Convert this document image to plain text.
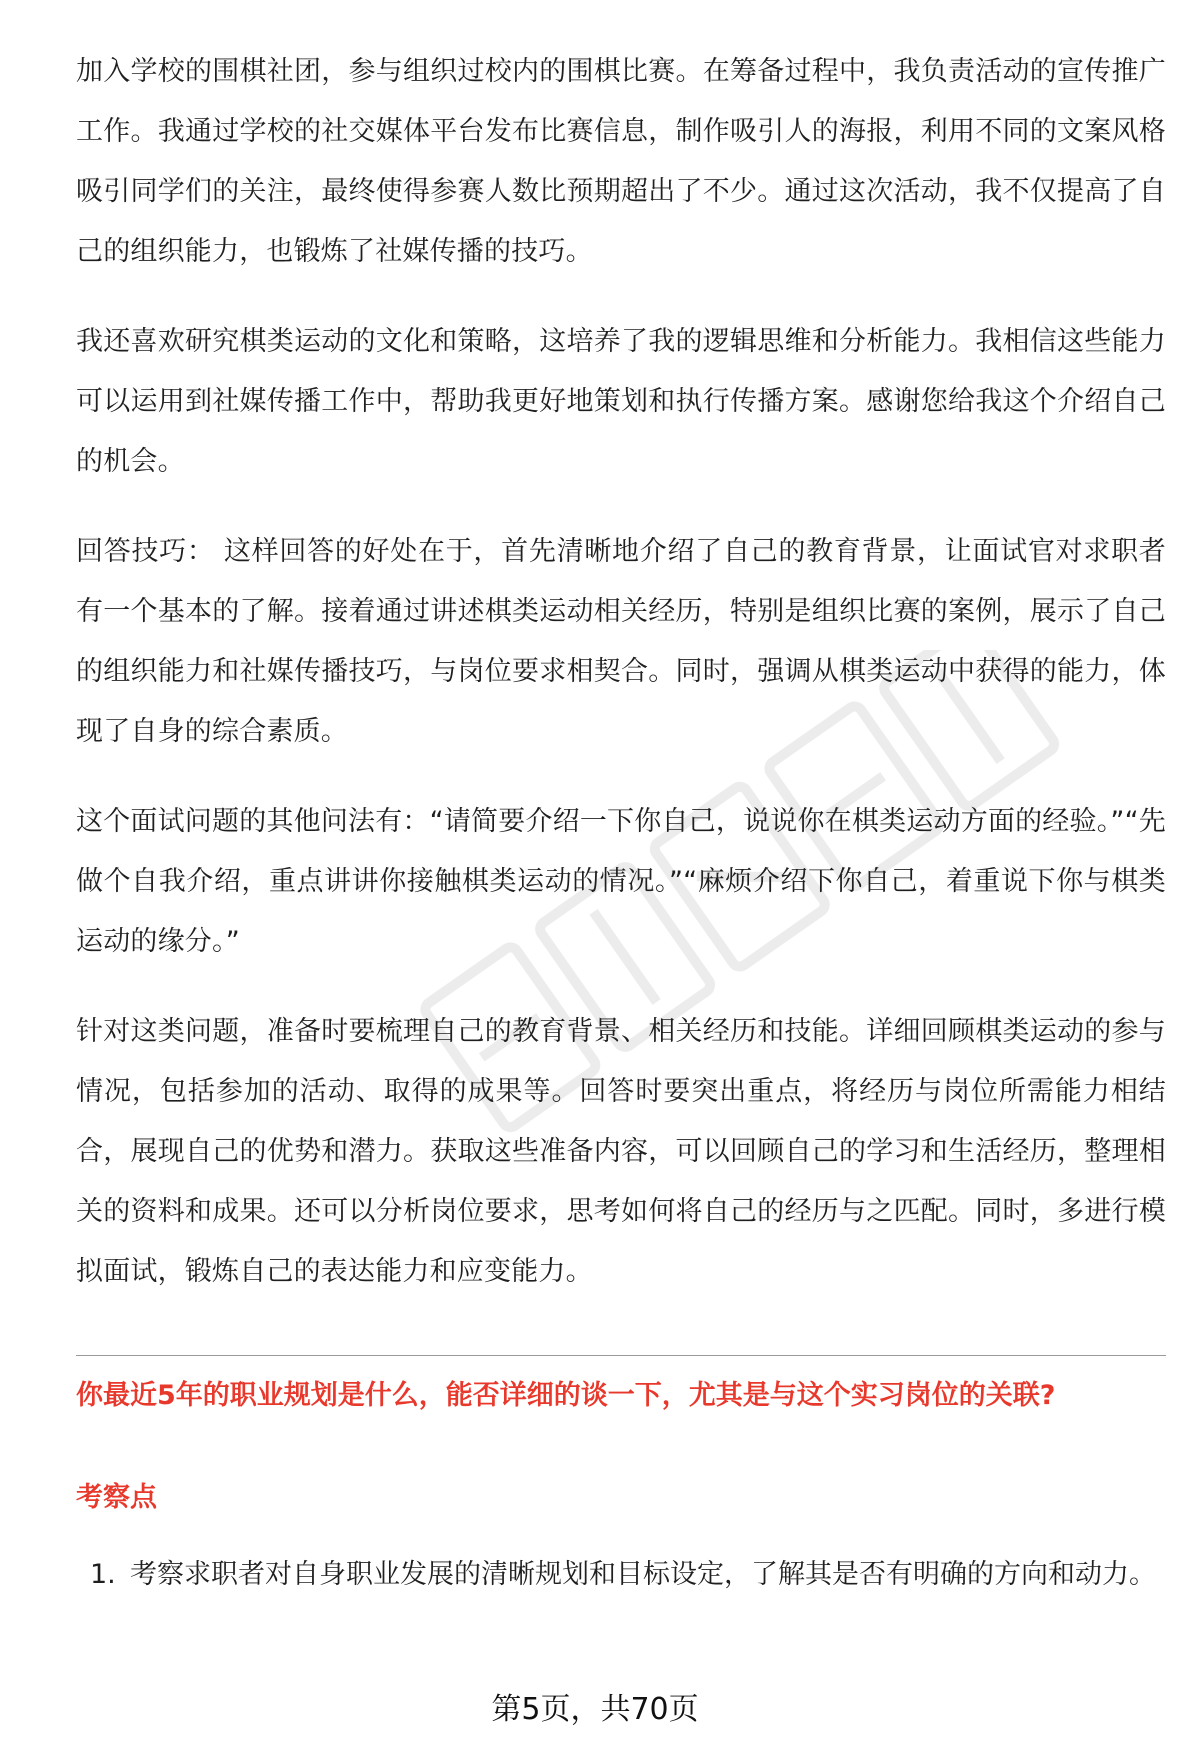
加入学校的围棋社团，参与组织过校内的围棋比赛。在筹备过程中，我负责活动的宣传推广工作。我通过学校的社交媒体平台发布比赛信息，制作吸引人的海报，利用不同的文案风格吸引同学们的关注，最终使得参赛人数比预期超出了不少。通过这次活动，我不仅提高了自己的组织能力，也锻炼了社媒传播的技巧。

我还喜欢研究棋类运动的文化和策略，这培养了我的逻辑思维和分析能力。我相信这些能力可以运用到社媒传播工作中，帮助我更好地策划和执行传播方案。感谢您给我这个介绍自己的机会。

回答技巧： 这样回答的好处在于，首先清晰地介绍了自己的教育背景，让面试官对求职者有一个基本的了解。接着通过讲述棋类运动相关经历，特别是组织比赛的案例，展示了自己的组织能力和社媒传播技巧，与岗位要求相契合。同时，强调从棋类运动中获得的能力，体现了自身的综合素质。

这个面试问题的其他问法有：“请简要介绍一下你自己，说说你在棋类运动方面的经验。”“先做个自我介绍，重点讲讲你接触棋类运动的情况。”“麻烦介绍下你自己，着重说下你与棋类运动的缘分。”

针对这类问题，准备时要梳理自己的教育背景、相关经历和技能。详细回顾棋类运动的参与情况，包括参加的活动、取得的成果等。回答时要突出重点，将经历与岗位所需能力相结合，展现自己的优势和潜力。获取这些准备内容，可以回顾自己的学习和生活经历，整理相关的资料和成果。还可以分析岗位要求，思考如何将自己的经历与之匹配。同时，多进行模拟面试，锻炼自己的表达能力和应变能力。

你最近5年的职业规划是什么，能否详细的谈一下，尤其是与这个实习岗位的关联?

考察点

1. 考察求职者对自身职业发展的清晰规划和目标设定，了解其是否有明确的方向和动力。
第5页，共70页
